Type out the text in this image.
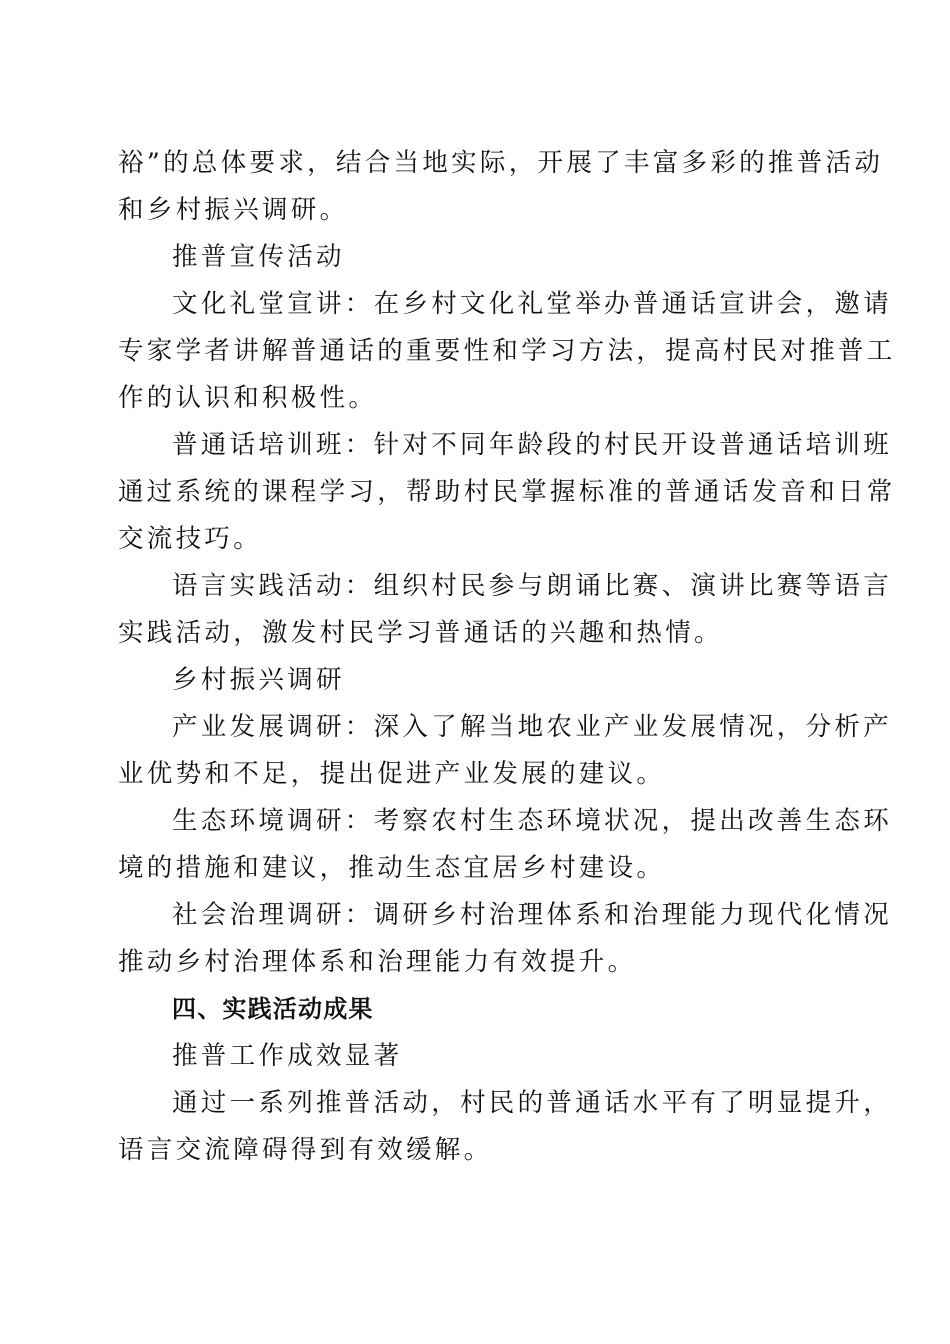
裕”的总体要求，结合当地实际，开展了丰富多彩的推普活动
和乡村振兴调研。
推普宣传活动
文化礼堂宣讲：在乡村文化礼堂举办普通话宣讲会，邀请
专家学者讲解普通话的重要性和学习方法，提高村民对推普工
作的认识和积极性。
普通话培训班：针对不同年龄段的村民开设普通话培训班
通过系统的课程学习，帮助村民掌握标准的普通话发音和日常
交流技巧。
语言实践活动：组织村民参与朗诵比赛、演讲比赛等语言
实践活动，激发村民学习普通话的兴趣和热情。
乡村振兴调研
产业发展调研：深入了解当地农业产业发展情况，分析产
业优势和不足，提出促进产业发展的建议。
生态环境调研：考察农村生态环境状况，提出改善生态环
境的措施和建议，推动生态宜居乡村建设。
社会治理调研：调研乡村治理体系和治理能力现代化情况
推动乡村治理体系和治理能力有效提升。
四、实践活动成果
推普工作成效显著
通过一系列推普活动，村民的普通话水平有了明显提升，
语言交流障碍得到有效缓解。
